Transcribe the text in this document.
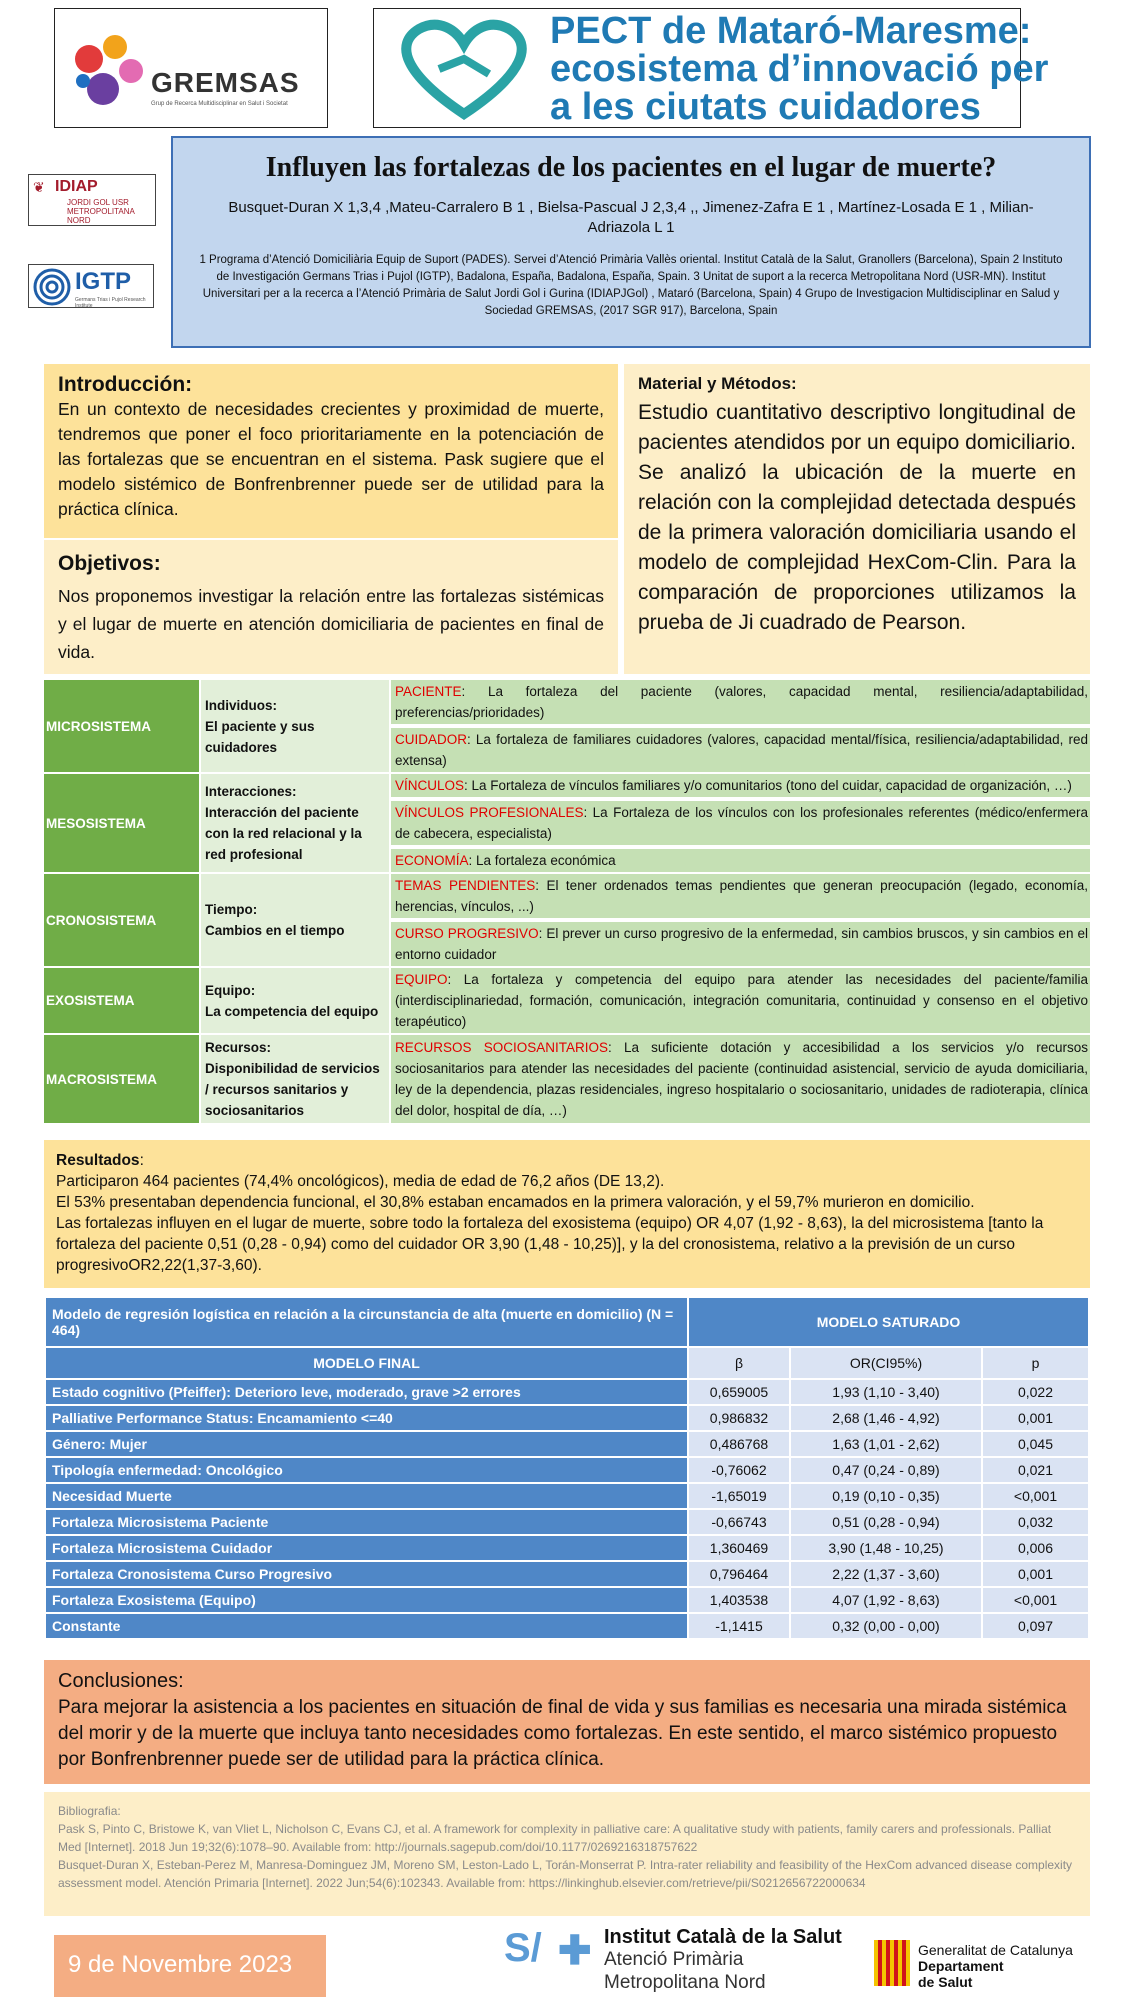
GREMSAS
Grup de Recerca Multidisciplinar en Salut i Societat
PECT de Mataró-Maresme:
ecosistema d’innovació per
a les ciutats cuidadores
❦ IDIAP
JORDI GOL USR METROPOLITANA NORD
IGTP
Germans Trias i Pujol Research Institute
Influyen las fortalezas de los pacientes en el lugar de muerte?
Busquet-Duran X 1,3,4 ,Mateu-Carralero B 1 , Bielsa-Pascual J 2,3,4 ,, Jimenez-Zafra E 1 , Martínez-Losada E 1 , Milian-Adriazola L 1
1 Programa d’Atenció Domiciliària Equip de Suport (PADES). Servei d’Atenció Primària Vallès oriental. Institut Català de la Salut, Granollers (Barcelona), Spain 2 Instituto de Investigación Germans Trias i Pujol (IGTP), Badalona, España, Badalona, España, Spain. 3 Unitat de suport a la recerca Metropolitana Nord (USR-MN). Institut Universitari per a la recerca a l’Atenció Primària de Salut Jordi Gol i Gurina (IDIAPJGol) , Mataró (Barcelona, Spain) 4 Grupo de Investigacion Multidisciplinar en Salud y Sociedad GREMSAS, (2017 SGR 917), Barcelona, Spain
Introducción:
En un contexto de necesidades crecientes y proximidad de muerte, tendremos que poner el foco prioritariamente en la potenciación de las fortalezas que se encuentran en el sistema. Pask sugiere que el modelo sistémico de Bonfrenbrenner puede ser de utilidad para la práctica clínica.
Objetivos:
Nos proponemos investigar la relación entre las fortalezas sistémicas y el lugar de muerte en atención domiciliaria de pacientes en final de vida.
Material y Métodos:
Estudio cuantitativo descriptivo longitudinal de pacientes atendidos por un equipo domiciliario. Se analizó la ubicación de la muerte en relación con la complejidad detectada después de la primera valoración domiciliaria usando el modelo de complejidad HexCom-Clin. Para la comparación de proporciones utilizamos la prueba de Ji cuadrado de Pearson.
MICROSISTEMA	Individuos:
El paciente y sus cuidadores	PACIENTE: La fortaleza del paciente (valores, capacidad mental, resiliencia/adaptabilidad, preferencias/prioridades)
		CUIDADOR: La fortaleza de familiares cuidadores (valores, capacidad mental/física, resiliencia/adaptabilidad, red extensa)
MESOSISTEMA	Interacciones:
Interacción del paciente con la red relacional y la red profesional	VÍNCULOS: La Fortaleza de vínculos familiares y/o comunitarios (tono del cuidar, capacidad de organización, …)
		VÍNCULOS PROFESIONALES: La Fortaleza de los vínculos con los profesionales referentes (médico/enfermera de cabecera, especialista)
		ECONOMÍA: La fortaleza económica
CRONOSISTEMA	Tiempo:
Cambios en el tiempo	TEMAS PENDIENTES: El tener ordenados temas pendientes que generan preocupación (legado, economía, herencias, vínculos, ...)
		CURSO PROGRESIVO: El prever un curso progresivo de la enfermedad, sin cambios bruscos, y sin cambios en el entorno cuidador
EXOSISTEMA	Equipo:
La competencia del equipo	EQUIPO: La fortaleza y competencia del equipo para atender las necesidades del paciente/familia (interdisciplinariedad, formación, comunicación, integración comunitaria, continuidad y consenso en el objetivo terapéutico)
MACROSISTEMA	Recursos:
Disponibilidad de servicios / recursos sanitarios y sociosanitarios	RECURSOS SOCIOSANITARIOS: La suficiente dotación y accesibilidad a los servicios y/o recursos sociosanitarios para atender las necesidades del paciente (continuidad asistencial, servicio de ayuda domiciliaria, ley de la dependencia, plazas residenciales, ingreso hospitalario o sociosanitario, unidades de radioterapia, clínica del dolor, hospital de día, …)
Resultados:
Participaron 464 pacientes (74,4% oncológicos), media de edad de 76,2 años (DE 13,2).
El 53% presentaban dependencia funcional, el 30,8% estaban encamados en la primera valoración, y el 59,7% murieron en domicilio.
Las fortalezas influyen en el lugar de muerte, sobre todo la fortaleza del exosistema (equipo) OR 4,07 (1,92 - 8,63), la del microsistema [tanto la fortaleza del paciente 0,51 (0,28 - 0,94) como del cuidador OR 3,90 (1,48 - 10,25)], y la del cronosistema, relativo a la previsión de un curso progresivoOR2,22(1,37-3,60).
Modelo de regresión logística en relación a la circunstancia de alta (muerte en domicilio) (N = 464)	MODELO SATURADO		
MODELO FINAL	β	OR(CI95%)	p
Estado cognitivo (Pfeiffer): Deterioro leve, moderado, grave >2 errores	0,659005	1,93 (1,10 - 3,40)	0,022
Palliative Performance Status: Encamamiento <=40	0,986832	2,68 (1,46 - 4,92)	0,001
Género: Mujer	0,486768	1,63 (1,01 - 2,62)	0,045
Tipología enfermedad: Oncológico	-0,76062	0,47 (0,24 - 0,89)	0,021
Necesidad Muerte	-1,65019	0,19 (0,10 - 0,35)	<0,001
Fortaleza Microsistema Paciente	-0,66743	0,51 (0,28 - 0,94)	0,032
Fortaleza Microsistema Cuidador	1,360469	3,90 (1,48 - 10,25)	0,006
Fortaleza Cronosistema Curso Progresivo	0,796464	2,22 (1,37 - 3,60)	0,001
Fortaleza Exosistema (Equipo)	1,403538	4,07 (1,92 - 8,63)	<0,001
Constante	-1,1415	0,32 (0,00 - 0,00)	0,097
Conclusiones:
Para mejorar la asistencia a los pacientes en situación de final de vida y sus familias es necesaria una mirada sistémica del morir y de la muerte que incluya tanto necesidades como fortalezas. En este sentido, el marco sistémico propuesto por Bonfrenbrenner puede ser de utilidad para la práctica clínica.
Bibliografia:
Pask S, Pinto C, Bristowe K, van Vliet L, Nicholson C, Evans CJ, et al. A framework for complexity in palliative care: A qualitative study with patients, family carers and professionals. Palliat Med [Internet]. 2018 Jun 19;32(6):1078–90. Available from: http://journals.sagepub.com/doi/10.1177/0269216318757622
Busquet-Duran X, Esteban-Perez M, Manresa-Dominguez JM, Moreno SM, Leston-Lado L, Torán-Monserrat P. Intra-rater reliability and feasibility of the HexCom advanced disease complexity assessment model. Atención Primaria [Internet]. 2022 Jun;54(6):102343. Available from: https://linkinghub.elsevier.com/retrieve/pii/S0212656722000634
9 de Novembre 2023	S/ ✚ Institut Català de la Salut
Atenció Primària
Metropolitana Nord
Generalitat de Catalunya
Departament
de Salut
